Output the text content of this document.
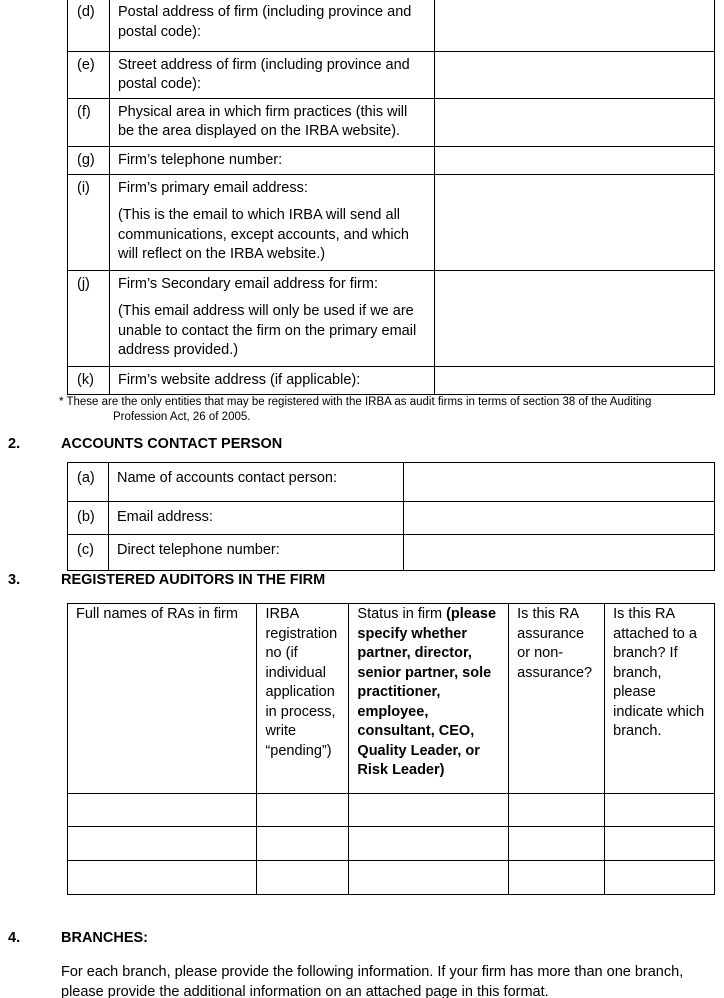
(d)	Postal address of firm (including province and postal code):	
(e)	Street address of firm (including province and postal code):	
(f)	Physical area in which firm practices (this will be the area displayed on the IRBA website).	
(g)	Firm’s telephone number:	
(i)	Firm’s primary email address:
(This is the email to which IRBA will send all communications, except accounts, and which will reflect on the IRBA website.)	

(j)	Firm’s Secondary email address for firm:
(This email address will only be used if we are unable to contact the firm on the primary email address provided.)	

(k)	Firm’s website address (if applicable):	
* These are the only entities that may be registered with the IRBA as audit firms in terms of section 38 of the Auditing
Profession Act, 26 of 2005.
2.	ACCOUNTS CONTACT PERSON
(a)	Name of accounts contact person:	
(b)	Email address:	
(c)	Direct telephone number:	
3.	REGISTERED AUDITORS IN THE FIRM
Full names of RAs in firm	IRBA registration no (if individual application in process, write “pending”)	Status in firm (please specify whether partner, director, senior partner, sole practitioner, employee, consultant, CEO, Quality Leader, or Risk Leader)	Is this RA assurance or non-assurance?	Is this RA attached to a branch? If branch, please indicate which branch.

4.	BRANCHES:
For each branch, please provide the following information. If your firm has more than one branch, please provide the additional information on an attached page in this format.
